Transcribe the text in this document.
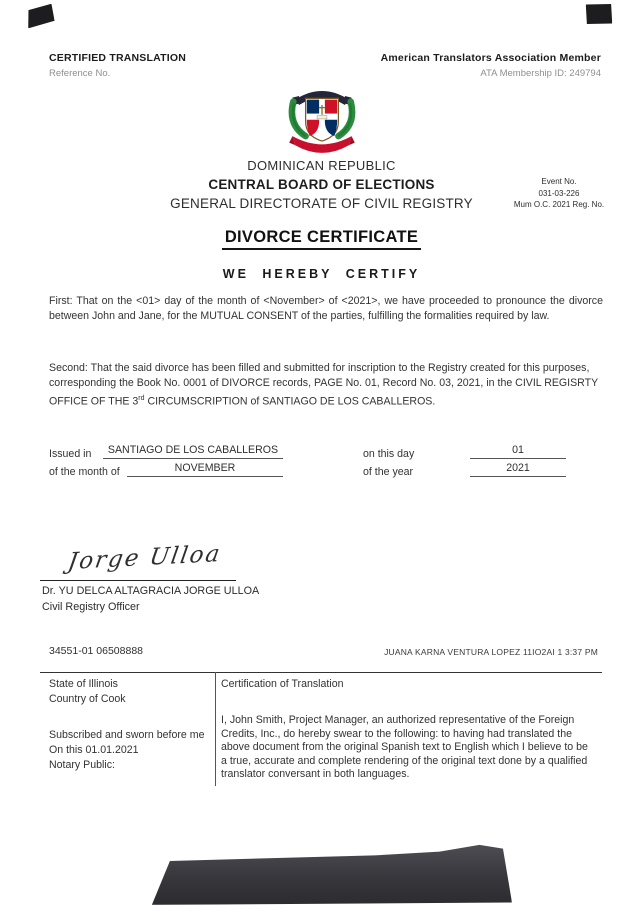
CERTIFIED TRANSLATION
Reference No.
American Translators Association Member
ATA Membership ID: 249794
DOMINICAN REPUBLIC
CENTRAL BOARD OF ELECTIONS
GENERAL DIRECTORATE OF CIVIL REGISTRY
Event No.
031-03-226
Mum O.C. 2021 Reg. No.
DIVORCE CERTIFICATE
WE HEREBY CERTIFY
First: That on the <01> day of the month of <November> of <2021>, we have proceeded to pronounce the divorce between John and Jane, for the MUTUAL CONSENT of the parties, fulfilling the formalities required by law.
Second: That the said divorce has been filled and submitted for inscription to the Registry created for this purposes, corresponding the Book No. 0001 of DIVORCE records, PAGE No. 01, Record No. 03, 2021, in the CIVIL REGISRTY OFFICE OF THE 3rd CIRCUMSCRIPTION of SANTIAGO DE LOS CABALLEROS.
Issued in	SANTIAGO DE LOS CABALLEROS	on this day	01
of the month of	NOVEMBER	of the year	2021
Jorge Ulloa
Dr. YU DELCA ALTAGRACIA JORGE ULLOA
Civil Registry Officer
34551-01 06508888	JUANA KARNA VENTURA LOPEZ 11IO2AI 1 3:37 PM
State of Illinois
Country of Cook
Subscribed and sworn before me
On this 01.01.2021
Notary Public:
Certification of Translation
I, John Smith, Project Manager, an authorized representative of the Foreign Credits, Inc., do hereby swear to the following: to having had translated the above document from the original Spanish text to English which I believe to be a true, accurate and complete rendering of the original text done by a qualified translator conversant in both languages.
